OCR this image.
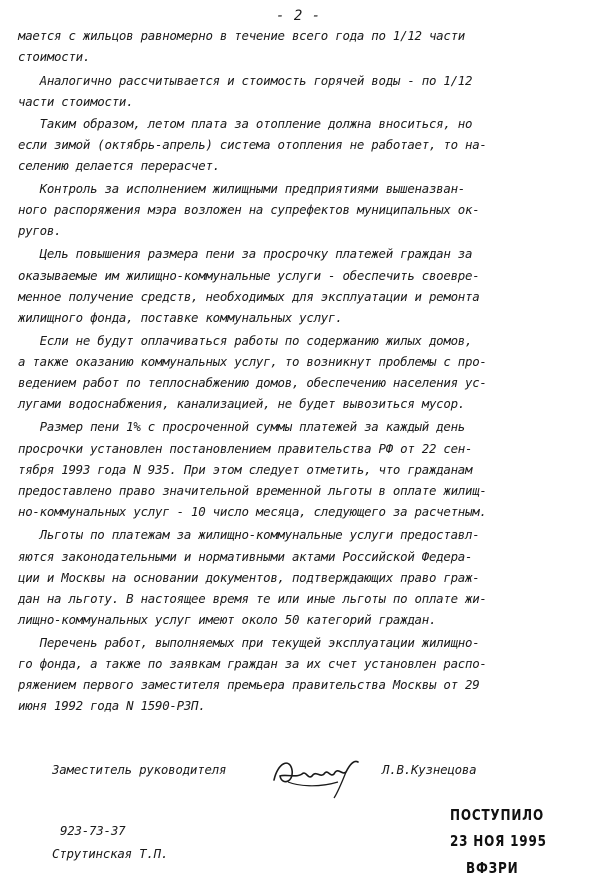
- 2 -
мается с жильцов равномерно в течение всего года по 1/12 части
стоимости.
Аналогично рассчитывается и стоимость горячей воды - по 1/12
части стоимости.
Таким образом, летом плата за отопление должна вноситься, но
если зимой (октябрь-апрель) система отопления не работает, то на-
селению делается перерасчет.
Контроль за исполнением жилищными предприятиями вышеназван-
ного распоряжения мэра возложен на супрефектов муниципальных ок-
ругов.
Цель повышения размера пени за просрочку платежей граждан за
оказываемые им жилищно-коммунальные услуги - обеспечить своевре-
менное получение средств, необходимых для эксплуатации и ремонта
жилищного фонда, поставке коммунальных услуг.
Если не будут оплачиваться работы по содержанию жилых домов,
а также оказанию коммунальных услуг, то возникнут проблемы с про-
ведением работ по теплоснабжению домов, обеспечению населения ус-
лугами водоснабжения, канализацией, не будет вывозиться мусор.
Размер пени 1% с просроченной суммы платежей за каждый день
просрочки установлен постановлением правительства РФ от 22 сен-
тября 1993 года N 935. При этом следует отметить, что гражданам
предоставлено право значительной временной льготы в оплате жилищ-
но-коммунальных услуг - 10 число месяца, следующего за расчетным.
Льготы по платежам за жилищно-коммунальные услуги предоставл-
яются законодательными и нормативными актами Российской Федера-
ции и Москвы на основании документов, подтверждающих право граж-
дан на льготу. В настоящее время те или иные льготы по оплате жи-
лищно-коммунальных услуг имеют около 50 категорий граждан.
Перечень работ, выполняемых при текущей эксплуатации жилищно-
го фонда, а также по заявкам граждан за их счет установлен распо-
ряжением первого заместителя премьера правительства Москвы от 29
июня 1992 года N 1590-РЗП.
Заместитель руководителя	Л.В.Кузнецова
923-73-37
Струтинская Т.П.
ПОСТУПИЛО
23 НОЯ 1995
ВФЗРИ
